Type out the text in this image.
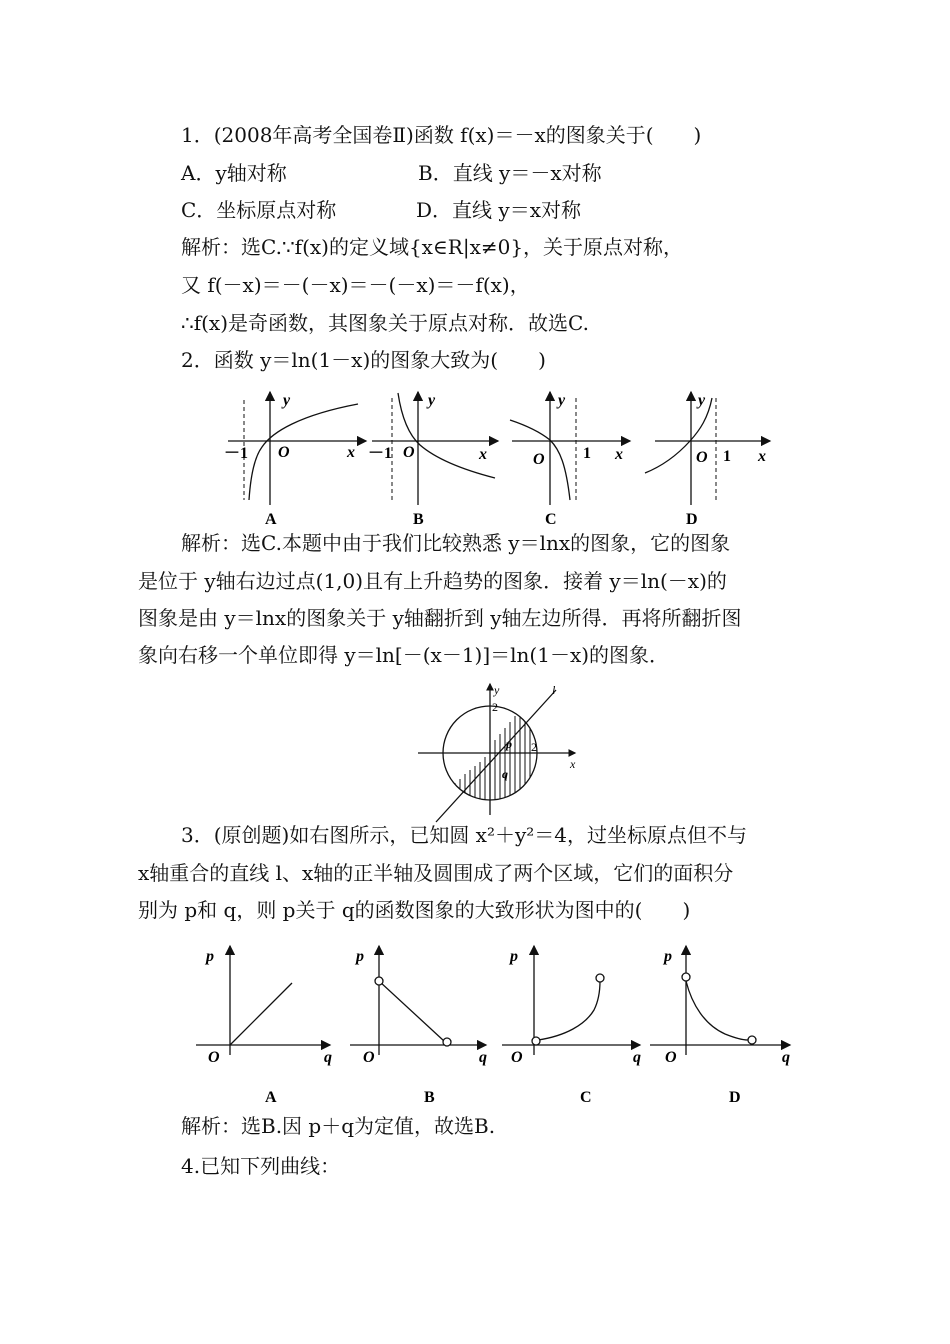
1．(2008年高考全国卷Ⅱ)函数 f(x)＝－x的图象关于(　　)
A．y轴对称	B．直线 y＝－x对称
C．坐标原点对称	D．直线 y＝x对称
解析：选C.∵f(x)的定义域{x∈R|x≠0}，关于原点对称，
又 f(－x)＝－(－x)＝－(－x)＝－f(x)，
∴f(x)是奇函数，其图象关于原点对称．故选C.
2．函数 y＝ln(1－x)的图象大致为(　　)
y
x
O
－1
A
y
x
O
－1
B
y
x
O 1
C
y
x
O 1
D
解析：选C.本题中由于我们比较熟悉 y＝lnx的图象，它的图象
是位于 y轴右边过点(1,0)且有上升趋势的图象．接着 y＝ln(－x)的
图象是由 y＝lnx的图象关于 y轴翻折到 y轴左边所得．再将所翻折图
象向右移一个单位即得 y＝ln[－(x－1)]＝ln(1－x)的图象．
y
x
l
2
2
p
q
3．(原创题)如右图所示，已知圆 x²＋y²＝4，过坐标原点但不与
x轴重合的直线 l、x轴的正半轴及圆围成了两个区域，它们的面积分
别为 p和 q，则 p关于 q的函数图象的大致形状为图中的(　　)
p
q
O
A
p
q
O
B
p
q
O
C
p
q
O
D
解析：选B.因 p＋q为定值，故选B.
4.已知下列曲线：
